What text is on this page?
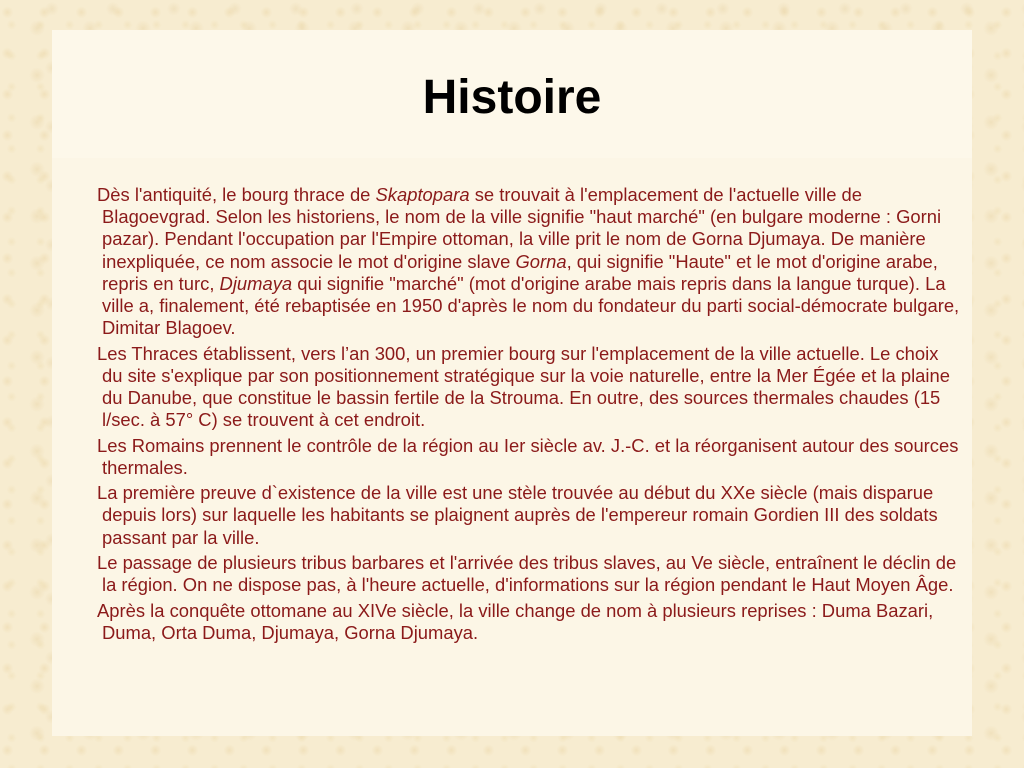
Histoire

Dès l'antiquité, le bourg thrace de Skaptopara se trouvait à l'emplacement de l'actuelle ville de Blagoevgrad. Selon les historiens, le nom de la ville signifie "haut marché" (en bulgare moderne : Gorni pazar). Pendant l'occupation par l'Empire ottoman, la ville prit le nom de Gorna Djumaya. De manière inexpliquée, ce nom associe le mot d'origine slave Gorna, qui signifie "Haute" et le mot d'origine arabe, repris en turc, Djumaya qui signifie "marché" (mot d'origine arabe mais repris dans la langue turque). La ville a, finalement, été rebaptisée en 1950 d'après le nom du fondateur du parti social-démocrate bulgare, Dimitar Blagoev.

Les Thraces établissent, vers l’an 300, un premier bourg sur l'emplacement de la ville actuelle. Le choix du site s'explique par son positionnement stratégique sur la voie naturelle, entre la Mer Égée et la plaine du Danube, que constitue le bassin fertile de la Strouma. En outre, des sources thermales chaudes (15 l/sec. à 57° C) se trouvent à cet endroit.

Les Romains prennent le contrôle de la région au Ier siècle av. J.-C. et la réorganisent autour des sources thermales.

La première preuve d`existence de la ville est une stèle trouvée au début du XXe siècle (mais disparue depuis lors) sur laquelle les habitants se plaignent auprès de l'empereur romain Gordien III des soldats passant par la ville.

Le passage de plusieurs tribus barbares et l'arrivée des tribus slaves, au Ve siècle, entraînent le déclin de la région. On ne dispose pas, à l'heure actuelle, d'informations sur la région pendant le Haut Moyen Âge.

Après la conquête ottomane au XIVe siècle, la ville change de nom à plusieurs reprises : Duma Bazari, Duma, Orta Duma, Djumaya, Gorna Djumaya.
